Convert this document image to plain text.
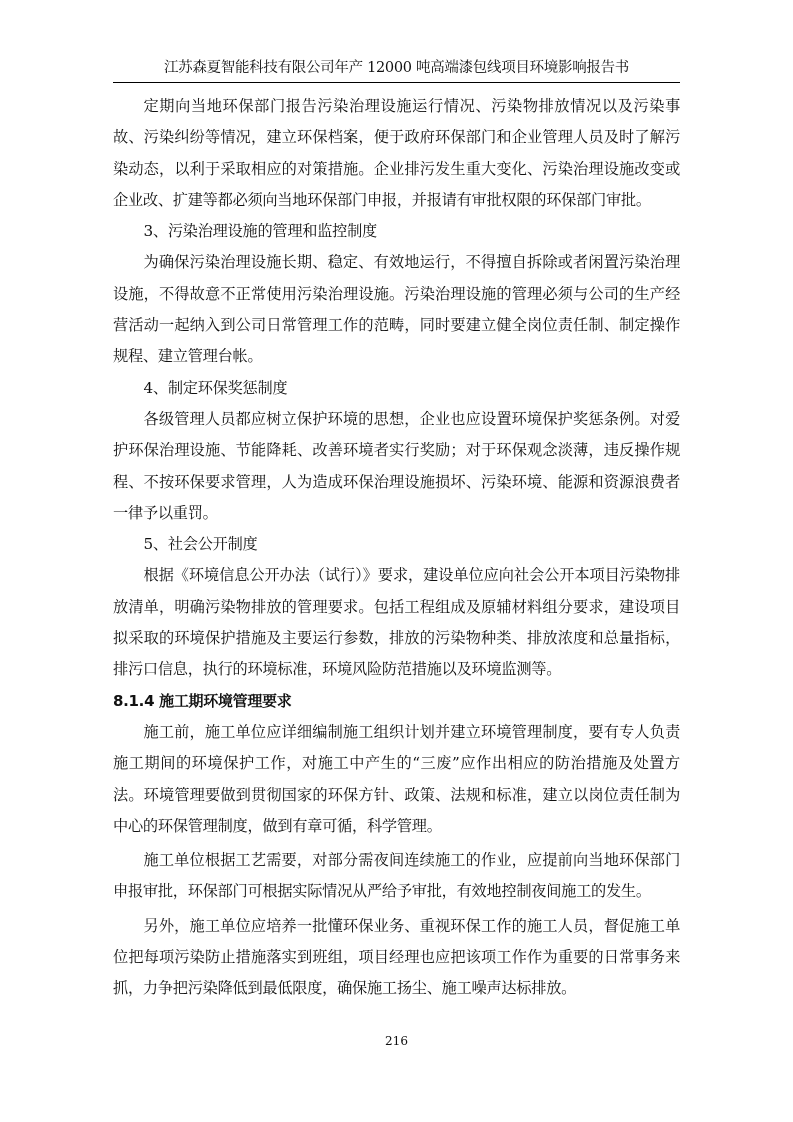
江苏森夏智能科技有限公司年产 12000 吨高端漆包线项目环境影响报告书

定期向当地环保部门报告污染治理设施运行情况、污染物排放情况以及污染事故、污染纠纷等情况，建立环保档案，便于政府环保部门和企业管理人员及时了解污染动态，以利于采取相应的对策措施。企业排污发生重大变化、污染治理设施改变或企业改、扩建等都必须向当地环保部门申报，并报请有审批权限的环保部门审批。

3、污染治理设施的管理和监控制度

为确保污染治理设施长期、稳定、有效地运行，不得擅自拆除或者闲置污染治理设施，不得故意不正常使用污染治理设施。污染治理设施的管理必须与公司的生产经营活动一起纳入到公司日常管理工作的范畴，同时要建立健全岗位责任制、制定操作规程、建立管理台帐。

4、制定环保奖惩制度

各级管理人员都应树立保护环境的思想，企业也应设置环境保护奖惩条例。对爱护环保治理设施、节能降耗、改善环境者实行奖励；对于环保观念淡薄，违反操作规程、不按环保要求管理，人为造成环保治理设施损坏、污染环境、能源和资源浪费者一律予以重罚。

5、社会公开制度

根据《环境信息公开办法（试行）》要求，建设单位应向社会公开本项目污染物排放清单，明确污染物排放的管理要求。包括工程组成及原辅材料组分要求，建设项目拟采取的环境保护措施及主要运行参数，排放的污染物种类、排放浓度和总量指标，排污口信息，执行的环境标准，环境风险防范措施以及环境监测等。

8.1.4 施工期环境管理要求

施工前，施工单位应详细编制施工组织计划并建立环境管理制度，要有专人负责施工期间的环境保护工作，对施工中产生的“三废”应作出相应的防治措施及处置方法。环境管理要做到贯彻国家的环保方针、政策、法规和标准，建立以岗位责任制为中心的环保管理制度，做到有章可循，科学管理。

施工单位根据工艺需要，对部分需夜间连续施工的作业，应提前向当地环保部门申报审批，环保部门可根据实际情况从严给予审批，有效地控制夜间施工的发生。

另外，施工单位应培养一批懂环保业务、重视环保工作的施工人员，督促施工单位把每项污染防止措施落实到班组，项目经理也应把该项工作作为重要的日常事务来抓，力争把污染降低到最低限度，确保施工扬尘、施工噪声达标排放。

216
